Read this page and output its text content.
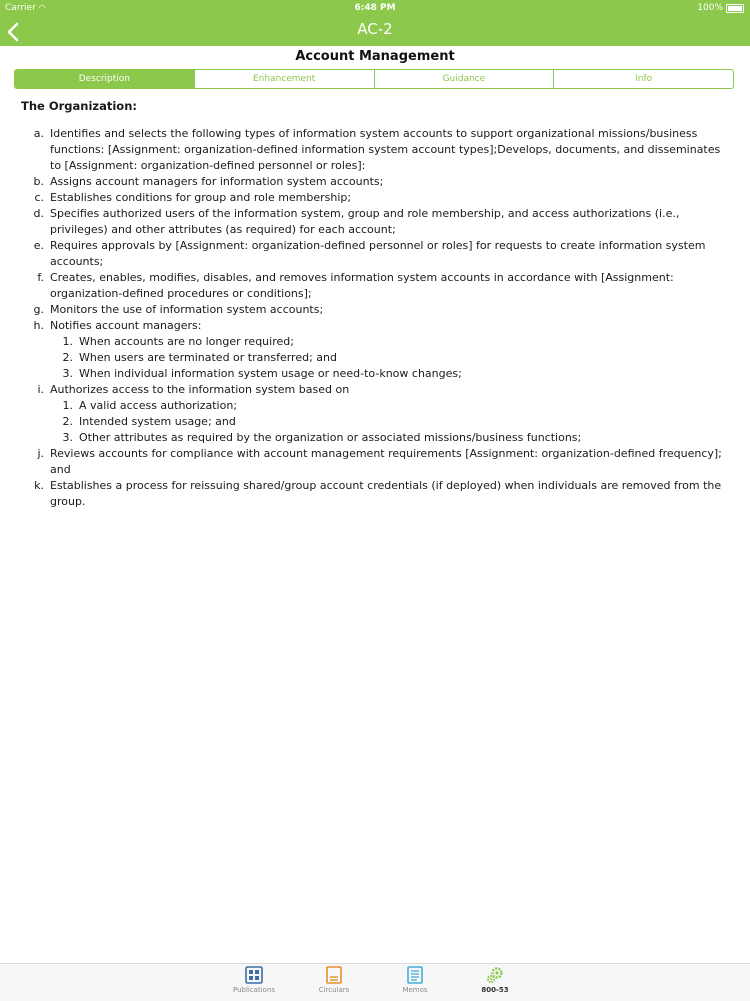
Carrier ◠	6:48 PM	100%
AC-2
Account Management
Description	Enhancement	Guidance	Info
The Organization:
a. Identifies and selects the following types of information system accounts to support organizational missions/business functions: [Assignment: organization-defined information system account types];Develops, documents, and disseminates to [Assignment: organization-defined personnel or roles]:
b. Assigns account managers for information system accounts;
c. Establishes conditions for group and role membership;
d. Specifies authorized users of the information system, group and role membership, and access authorizations (i.e., privileges) and other attributes (as required) for each account;
e. Requires approvals by [Assignment: organization-defined personnel or roles] for requests to create information system accounts;
f. Creates, enables, modifies, disables, and removes information system accounts in accordance with [Assignment: organization-defined procedures or conditions];
g. Monitors the use of information system accounts;
h. Notifies account managers:
1. When accounts are no longer required;
2. When users are terminated or transferred; and
3. When individual information system usage or need-to-know changes;
i. Authorizes access to the information system based on
1. A valid access authorization;
2. Intended system usage; and
3. Other attributes as required by the organization or associated missions/business functions;
j. Reviews accounts for compliance with account management requirements [Assignment: organization-defined frequency]; and
k. Establishes a process for reissuing shared/group account credentials (if deployed) when individuals are removed from the group.
Publications	Circulars	Memos	800-53
